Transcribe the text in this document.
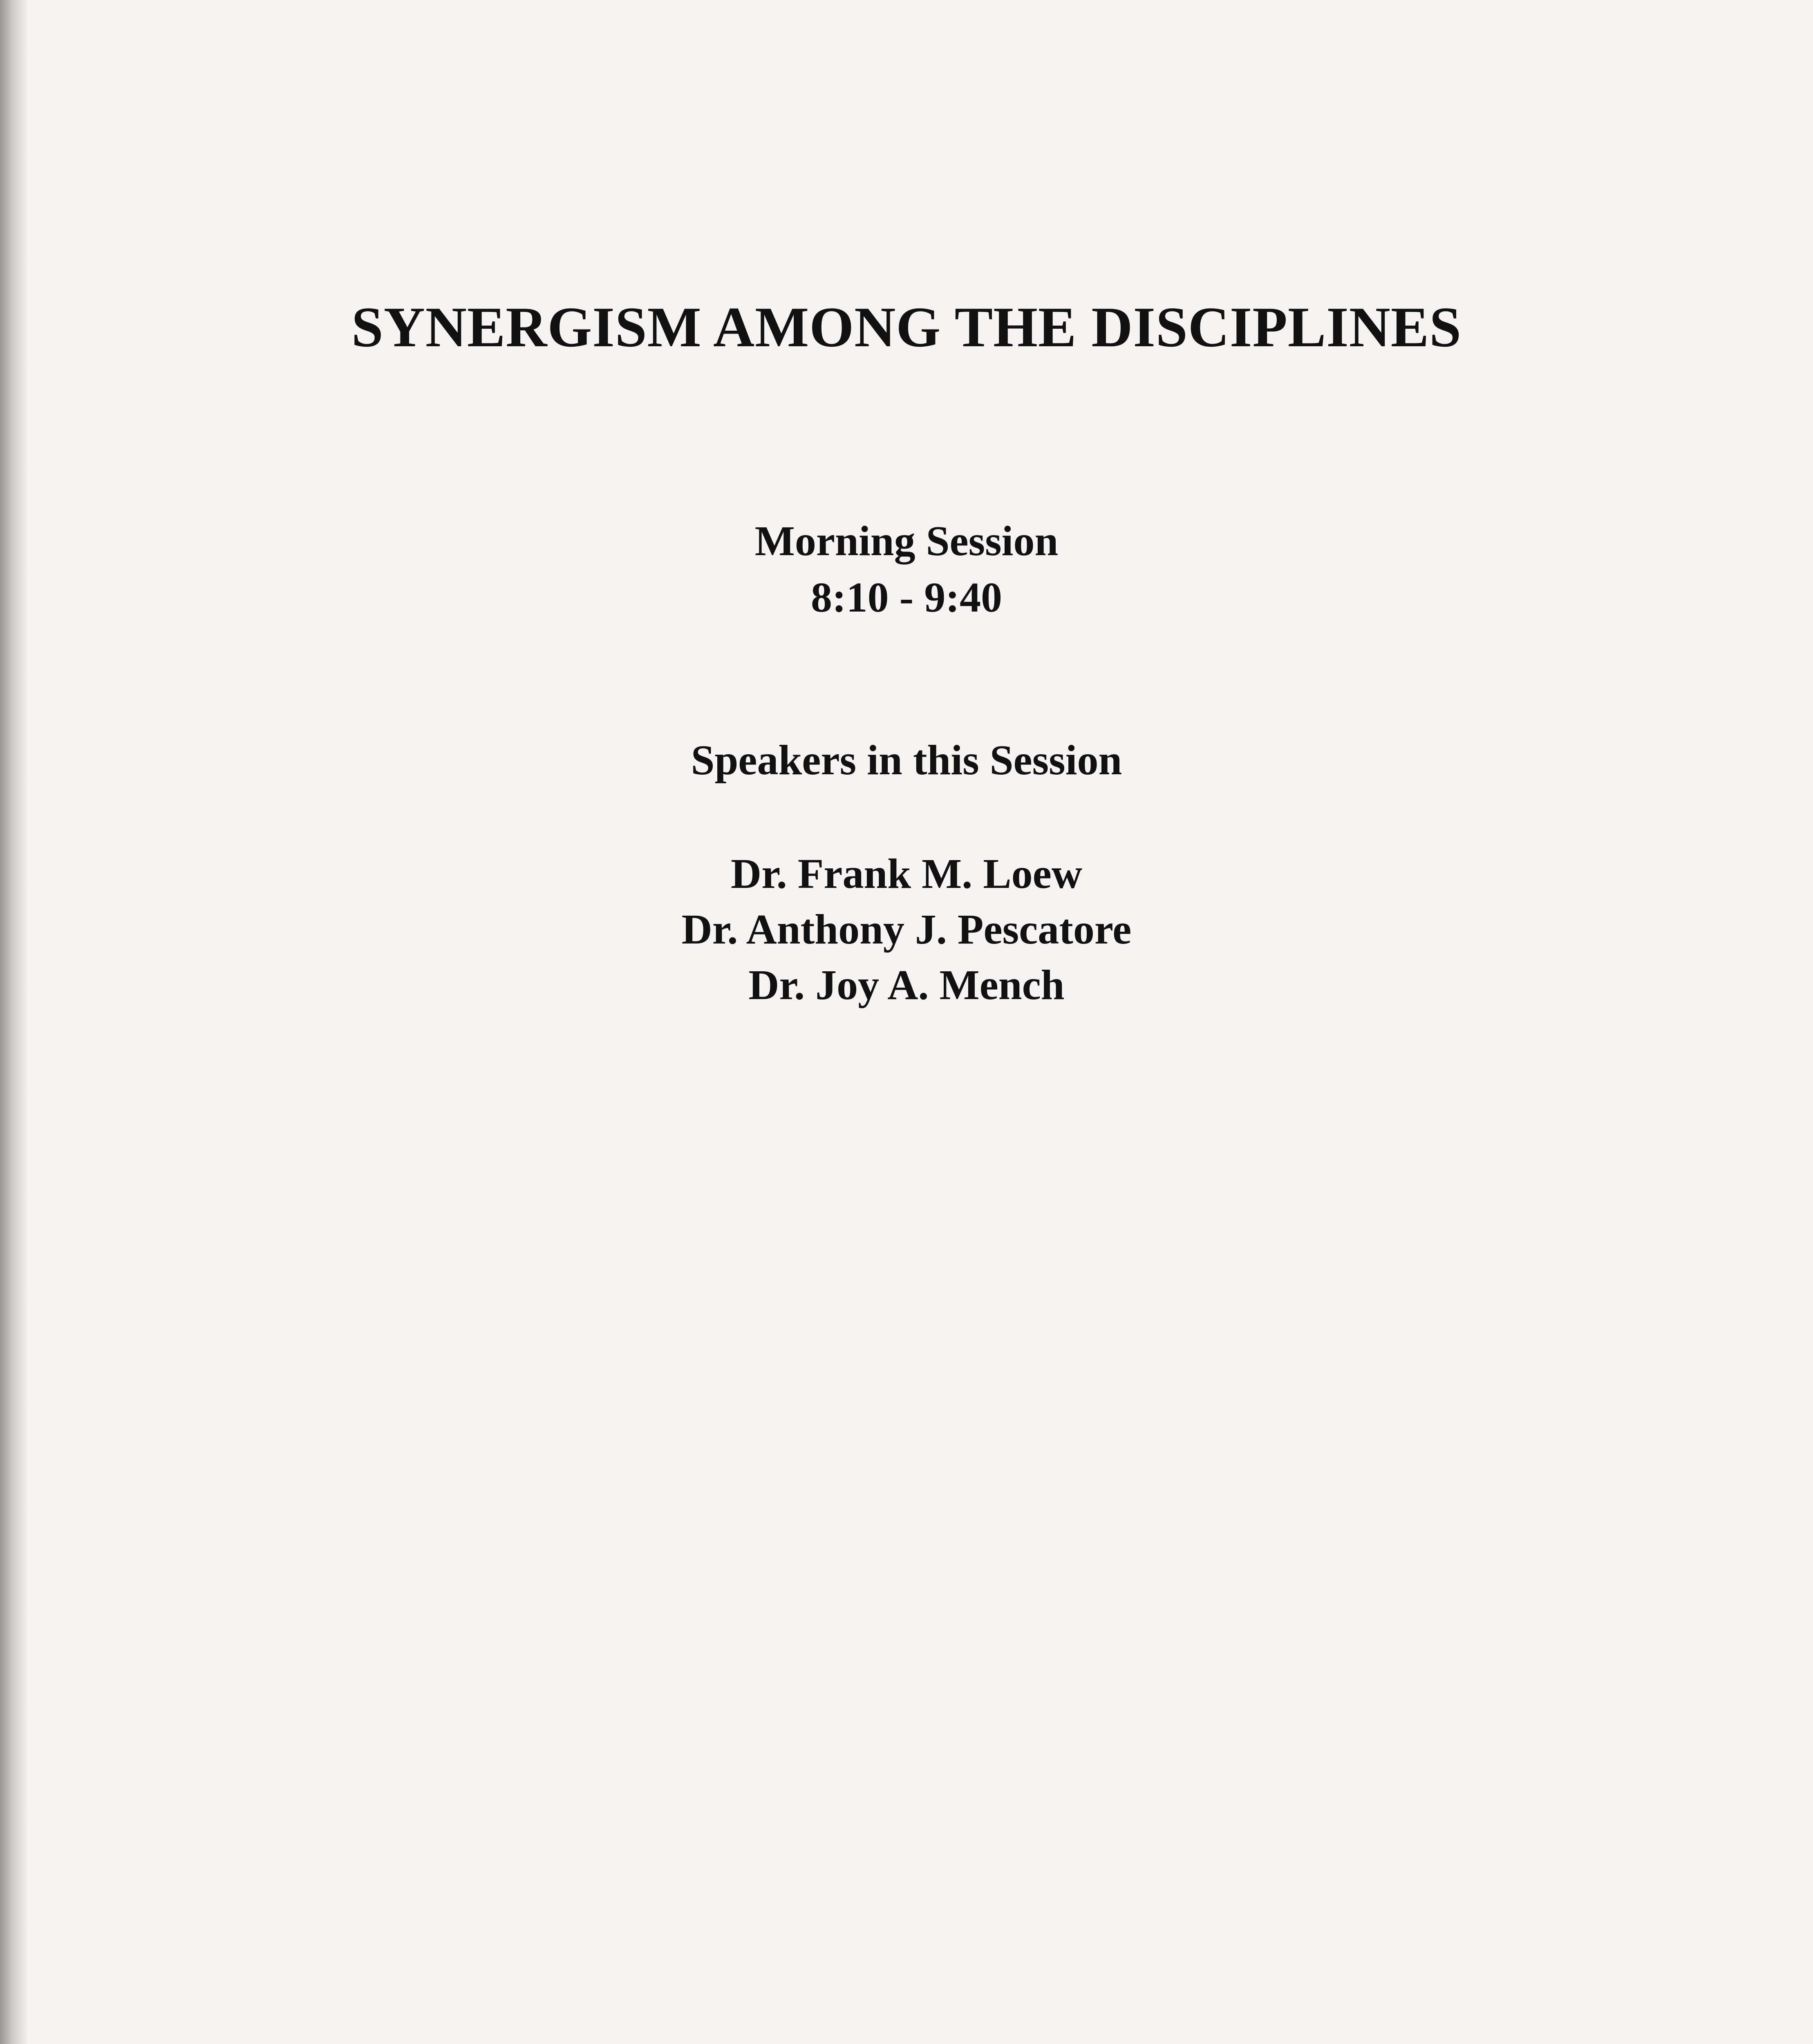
SYNERGISM AMONG THE DISCIPLINES
Morning Session
8:10 - 9:40
Speakers in this Session
Dr. Frank M. Loew
Dr. Anthony J. Pescatore
Dr. Joy A. Mench
